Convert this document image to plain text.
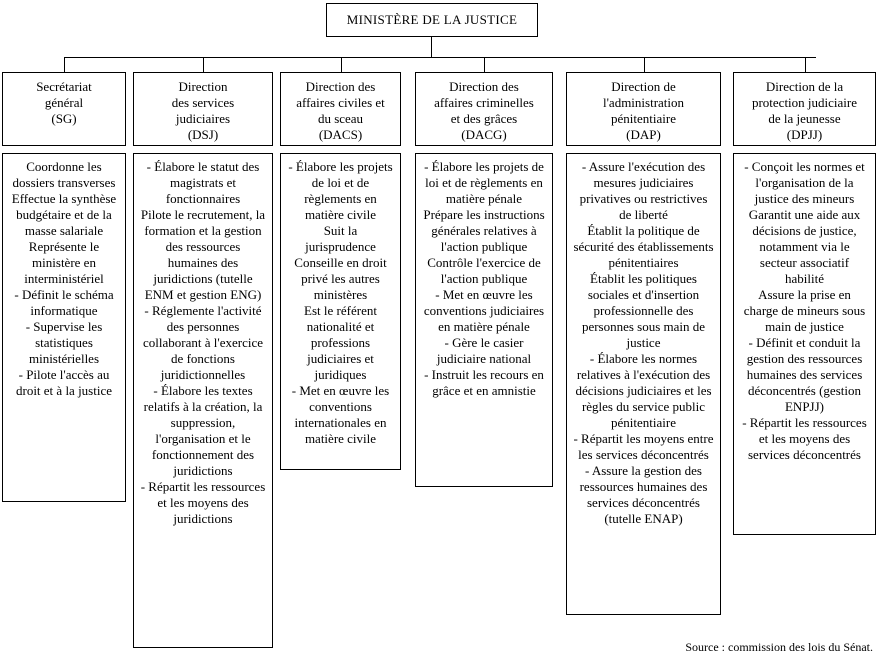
MINISTÈRE DE LA JUSTICE
Secrétariat
général
(SG)
Coordonne les dossiers transverses
Effectue la synthèse budgétaire et de la masse salariale
Représente le ministère en interministériel
- Définit le schéma informatique
- Supervise les statistiques ministérielles
- Pilote l'accès au droit et à la justice
Direction
des services
judiciaires
(DSJ)
- Élabore le statut des magistrats et fonctionnaires
Pilote le recrutement, la formation et la gestion des ressources humaines des juridictions (tutelle ENM et gestion ENG)
- Réglemente l'activité des personnes collaborant à l'exercice de fonctions juridictionnelles
- Élabore les textes relatifs à la création, la suppression, l'organisation et le fonctionnement des juridictions
- Répartit les ressources et les moyens des juridictions
Direction des
affaires civiles et
du sceau
(DACS)
- Élabore les projets de loi et de règlements en matière civile
Suit la jurisprudence
Conseille en droit privé les autres ministères
Est le référent nationalité et professions judiciaires et juridiques
- Met en œuvre les conventions internationales en matière civile
Direction des
affaires criminelles
et des grâces
(DACG)
- Élabore les projets de loi et de règlements en matière pénale
Prépare les instructions générales relatives à l'action publique
Contrôle l'exercice de l'action publique
- Met en œuvre les conventions judiciaires en matière pénale
- Gère le casier judiciaire national
- Instruit les recours en grâce et en amnistie
Direction de
l'administration
pénitentiaire
(DAP)
- Assure l'exécution des mesures judiciaires privatives ou restrictives de liberté
Établit la politique de sécurité des établissements pénitentiaires
Établit les politiques sociales et d'insertion professionnelle des personnes sous main de justice
- Élabore les normes relatives à l'exécution des décisions judiciaires et les règles du service public pénitentiaire
- Répartit les moyens entre les services déconcentrés
- Assure la gestion des ressources humaines des services déconcentrés (tutelle ENAP)
Direction de la
protection judiciaire
de la jeunesse
(DPJJ)
- Conçoit les normes et l'organisation de la justice des mineurs
Garantit une aide aux décisions de justice, notamment via le secteur associatif habilité
Assure la prise en charge de mineurs sous main de justice
- Définit et conduit la gestion des ressources humaines des services déconcentrés (gestion ENPJJ)
- Répartit les ressources et les moyens des services déconcentrés
Source : commission des lois du Sénat.
